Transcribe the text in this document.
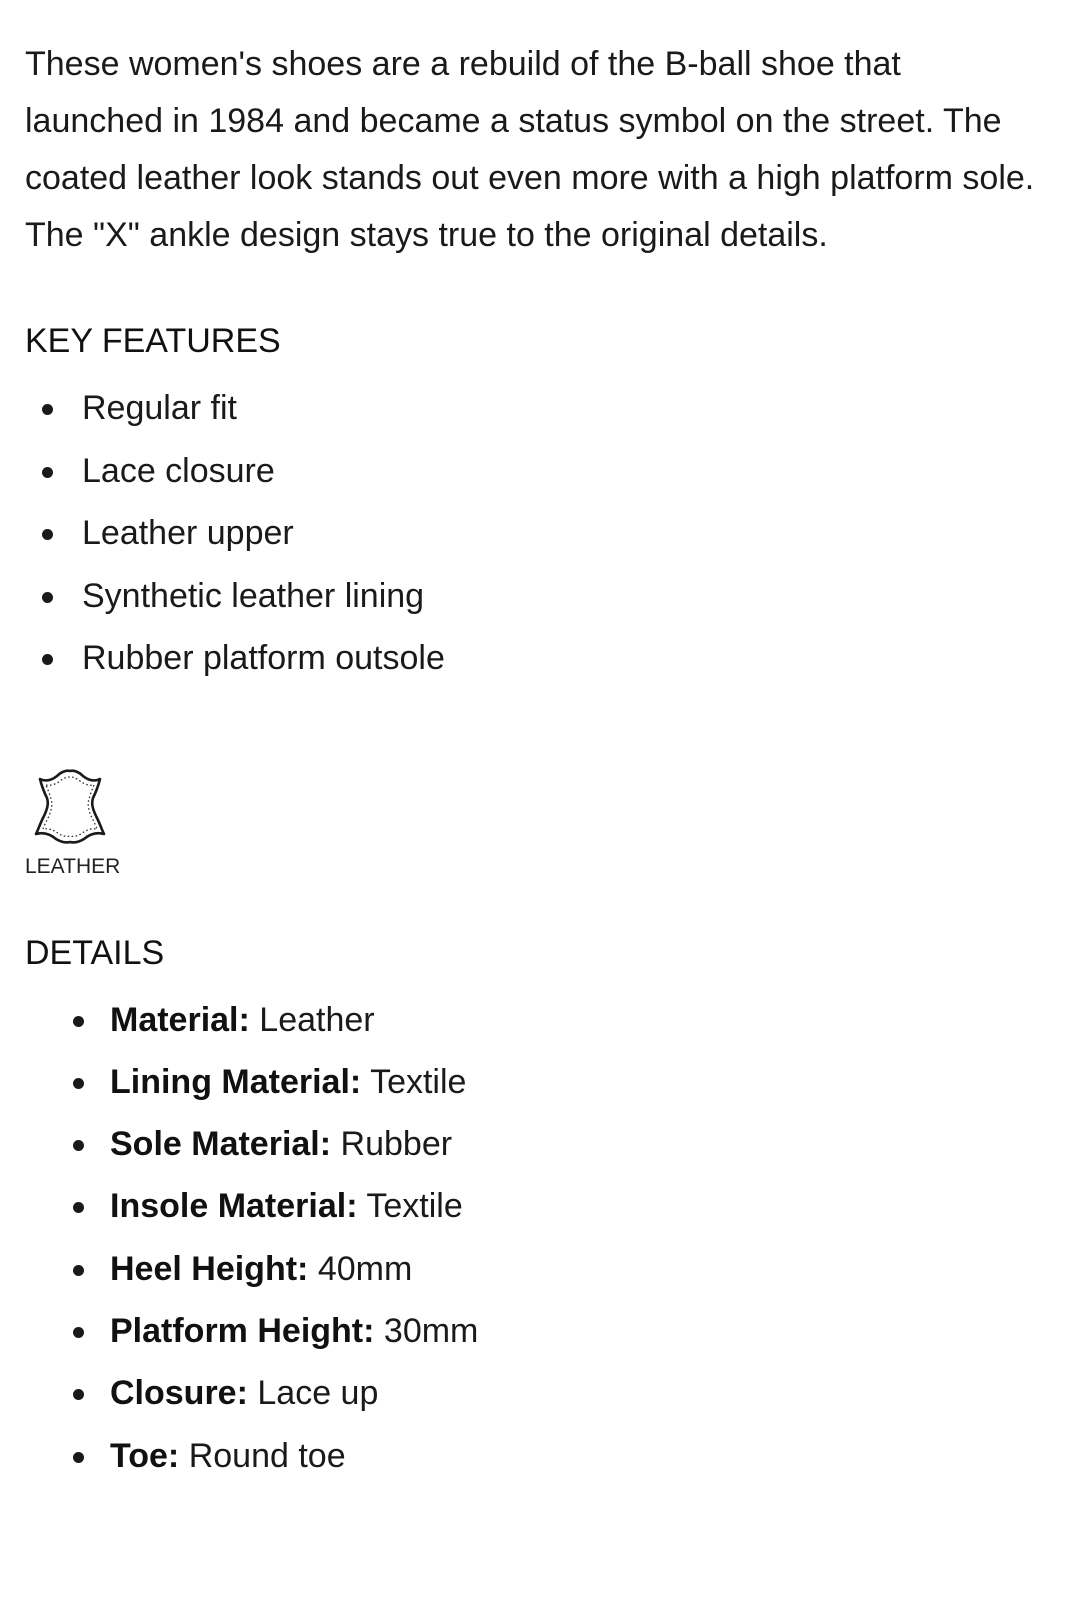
These women's shoes are a rebuild of the B-ball shoe that launched in 1984 and became a status symbol on the street. The coated leather look stands out even more with a high platform sole. The "X" ankle design stays true to the original details.

KEY FEATURES
Regular fit
Lace closure
Leather upper
Synthetic leather lining
Rubber platform outsole
LEATHER
DETAILS
Material: Leather
Lining Material: Textile
Sole Material: Rubber
Insole Material: Textile
Heel Height: 40mm
Platform Height: 30mm
Closure: Lace up
Toe: Round toe
